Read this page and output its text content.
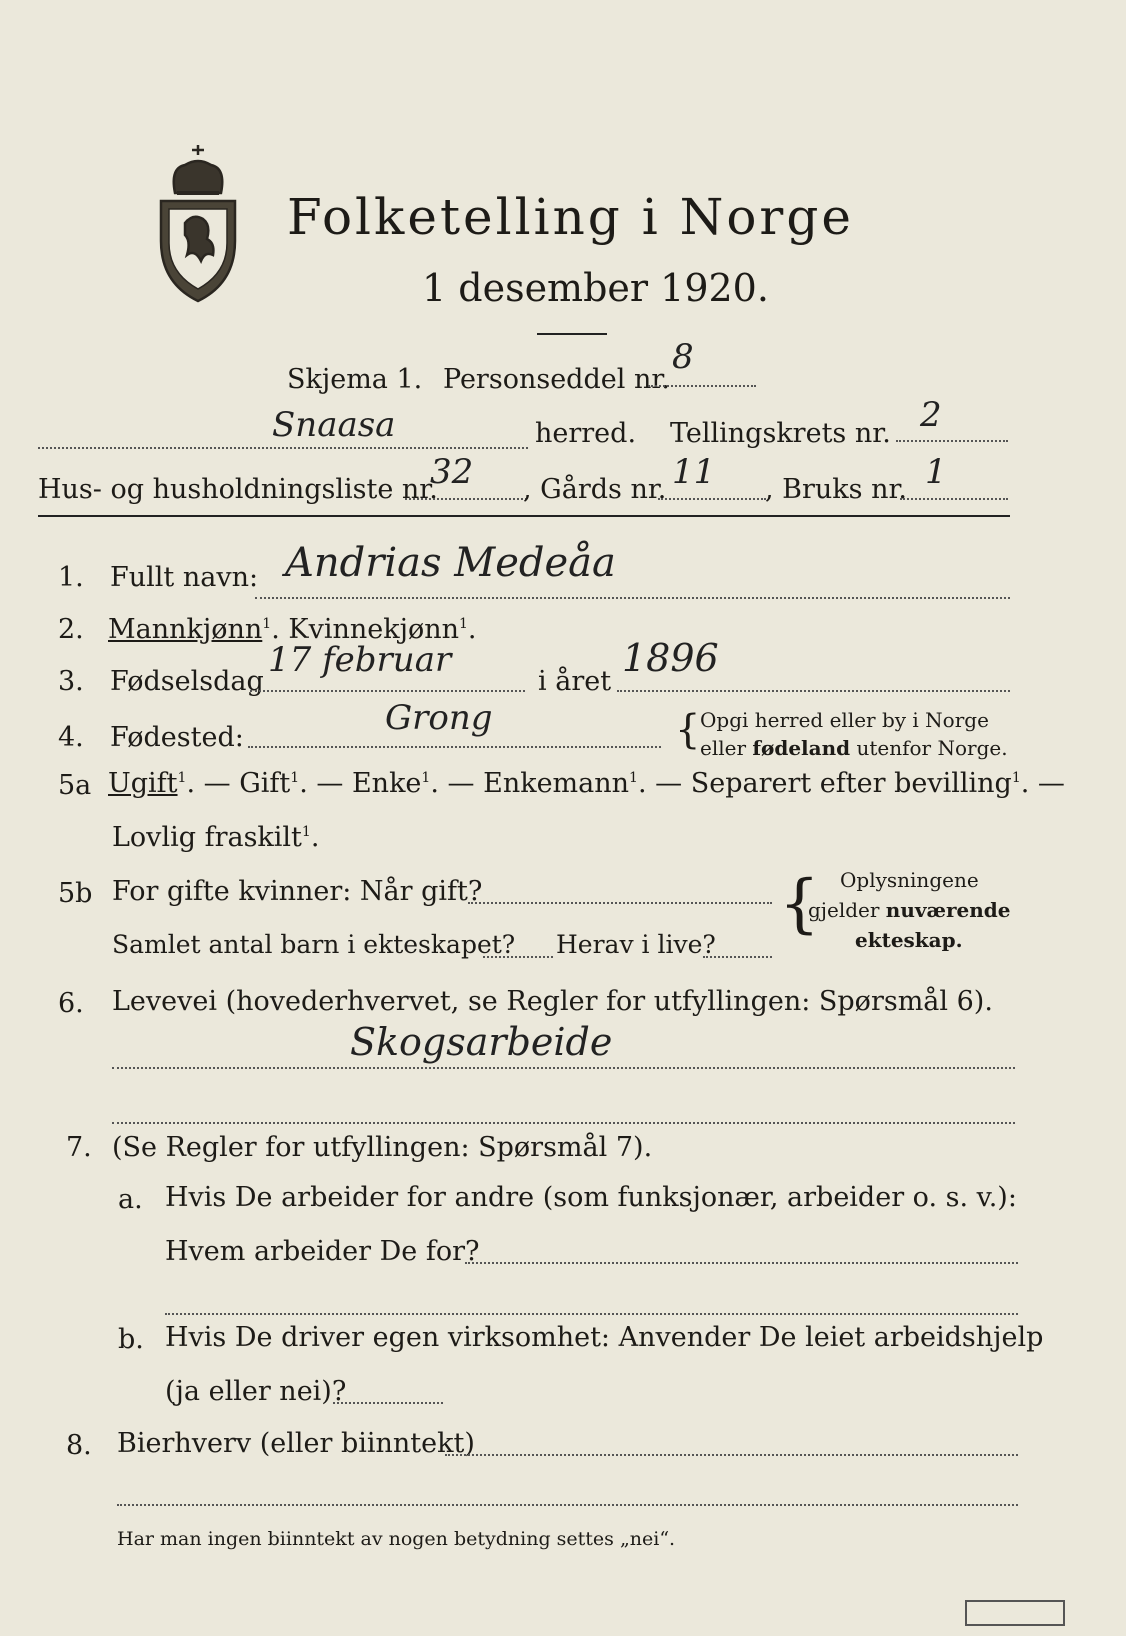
Folketelling i Norge
1 desember 1920.
Skjema 1. Personseddel nr.
8
Snaasa	herred. Tellingskrets nr. 2
Hus- og husholdningsliste nr.
32 , Gårds nr. 11 , Bruks nr. 1
1. Fullt navn: Andrias Medeåa
2. Mannkjønn$^1$. Kvinnekjønn$^1$.
3. Fødselsdag
17 februar
i året
1896
4. Fødested:	Grong	{ Opgi herred eller by i Norge
eller fødeland utenfor Norge.
5a Ugift$^1$. — Gift$^1$. — Enke$^1$. — Enkemann$^1$. — Separert efter bevilling$^1$. —
Lovlig fraskilt$^1$.
5b For gifte kvinner: Når gift?
Samlet antal barn i ekteskapet? Herav i live?
{ Oplysningene
gjelder nuværende
ekteskap.
6. Levevei (hovederhvervet, se Regler for utfyllingen: Spørsmål 6).
Skogsarbeide
7. (Se Regler for utfyllingen: Spørsmål 7).
a. Hvis De arbeider for andre (som funksjonær, arbeider o. s. v.):
Hvem arbeider De for?
b. Hvis De driver egen virksomhet: Anvender De leiet arbeidshjelp
(ja eller nei)?
8. Bierhverv (eller biinntekt)
Har man ingen biinntekt av nogen betydning settes „nei“.
